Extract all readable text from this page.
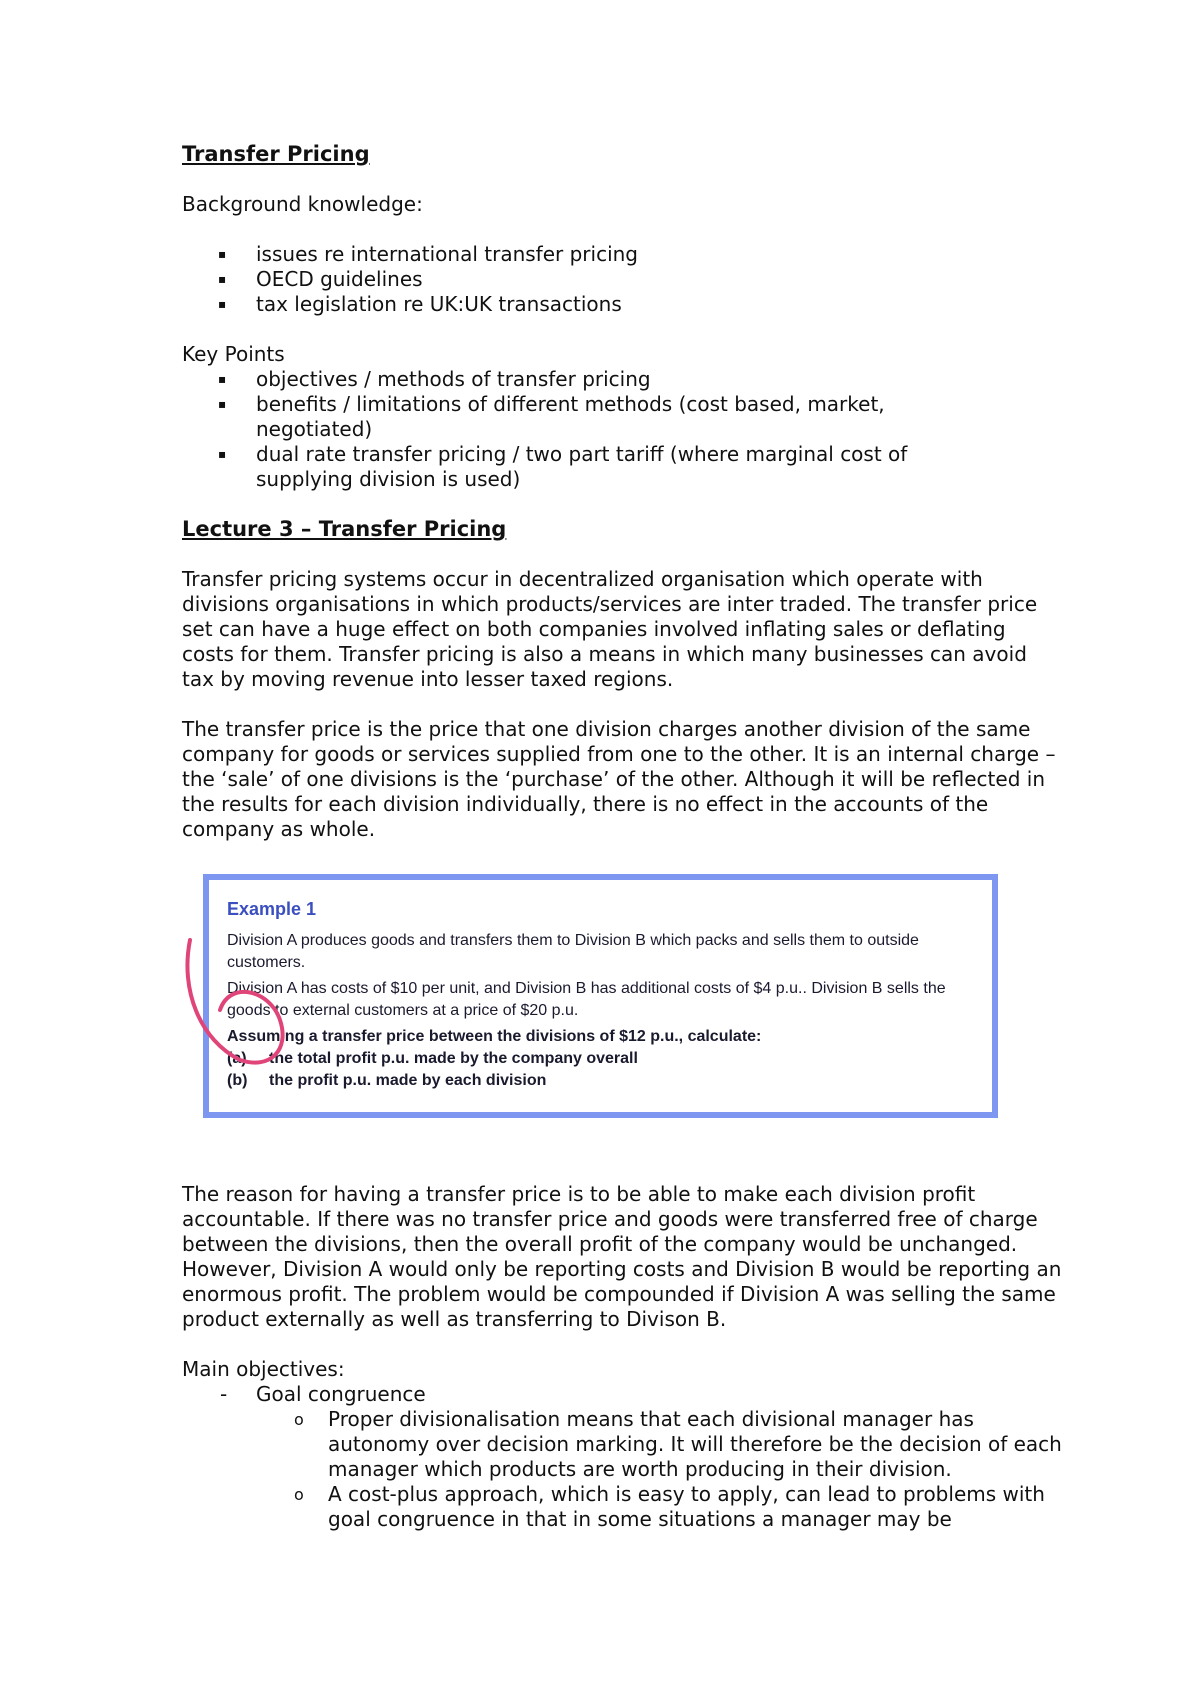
Transfer Pricing

Background knowledge:

▪ issues re international transfer pricing
▪ OECD guidelines
▪ tax legislation re UK:UK transactions

Key Points

▪ objectives / methods of transfer pricing
▪ benefits / limitations of different methods (cost based, market, negotiated)
▪ dual rate transfer pricing / two part tariff (where marginal cost of supplying division is used)

Lecture 3 – Transfer Pricing

Transfer pricing systems occur in decentralized organisation which operate with divisions organisations in which products/services are inter traded. The transfer price set can have a huge effect on both companies involved inflating sales or deflating costs for them. Transfer pricing is also a means in which many businesses can avoid tax by moving revenue into lesser taxed regions.

The transfer price is the price that one division charges another division of the same company for goods or services supplied from one to the other. It is an internal charge – the ‘sale’ of one divisions is the ‘purchase’ of the other. Although it will be reflected in the results for each division individually, there is no effect in the accounts of the company as whole.

The reason for having a transfer price is to be able to make each division profit accountable. If there was no transfer price and goods were transferred free of charge between the divisions, then the overall profit of the company would be unchanged. However, Division A would only be reporting costs and Division B would be reporting an enormous profit. The problem would be compounded if Division A was selling the same product externally as well as transferring to Divison B.

Main objectives:

- Goal congruence
o Proper divisionalisation means that each divisional manager has autonomy over decision marking. It will therefore be the decision of each manager which products are worth producing in their division.
o A cost-plus approach, which is easy to apply, can lead to problems with goal congruence in that in some situations a manager may be
Example 1
Division A produces goods and transfers them to Division B which packs and sells them to outside customers.
Division A has costs of $10 per unit, and Division B has additional costs of $4 p.u.. Division B sells the goods to external customers at a price of $20 p.u.
Assuming a transfer price between the divisions of $12 p.u., calculate:
(a)	the total profit p.u. made by the company overall
(b)	the profit p.u. made by each division
